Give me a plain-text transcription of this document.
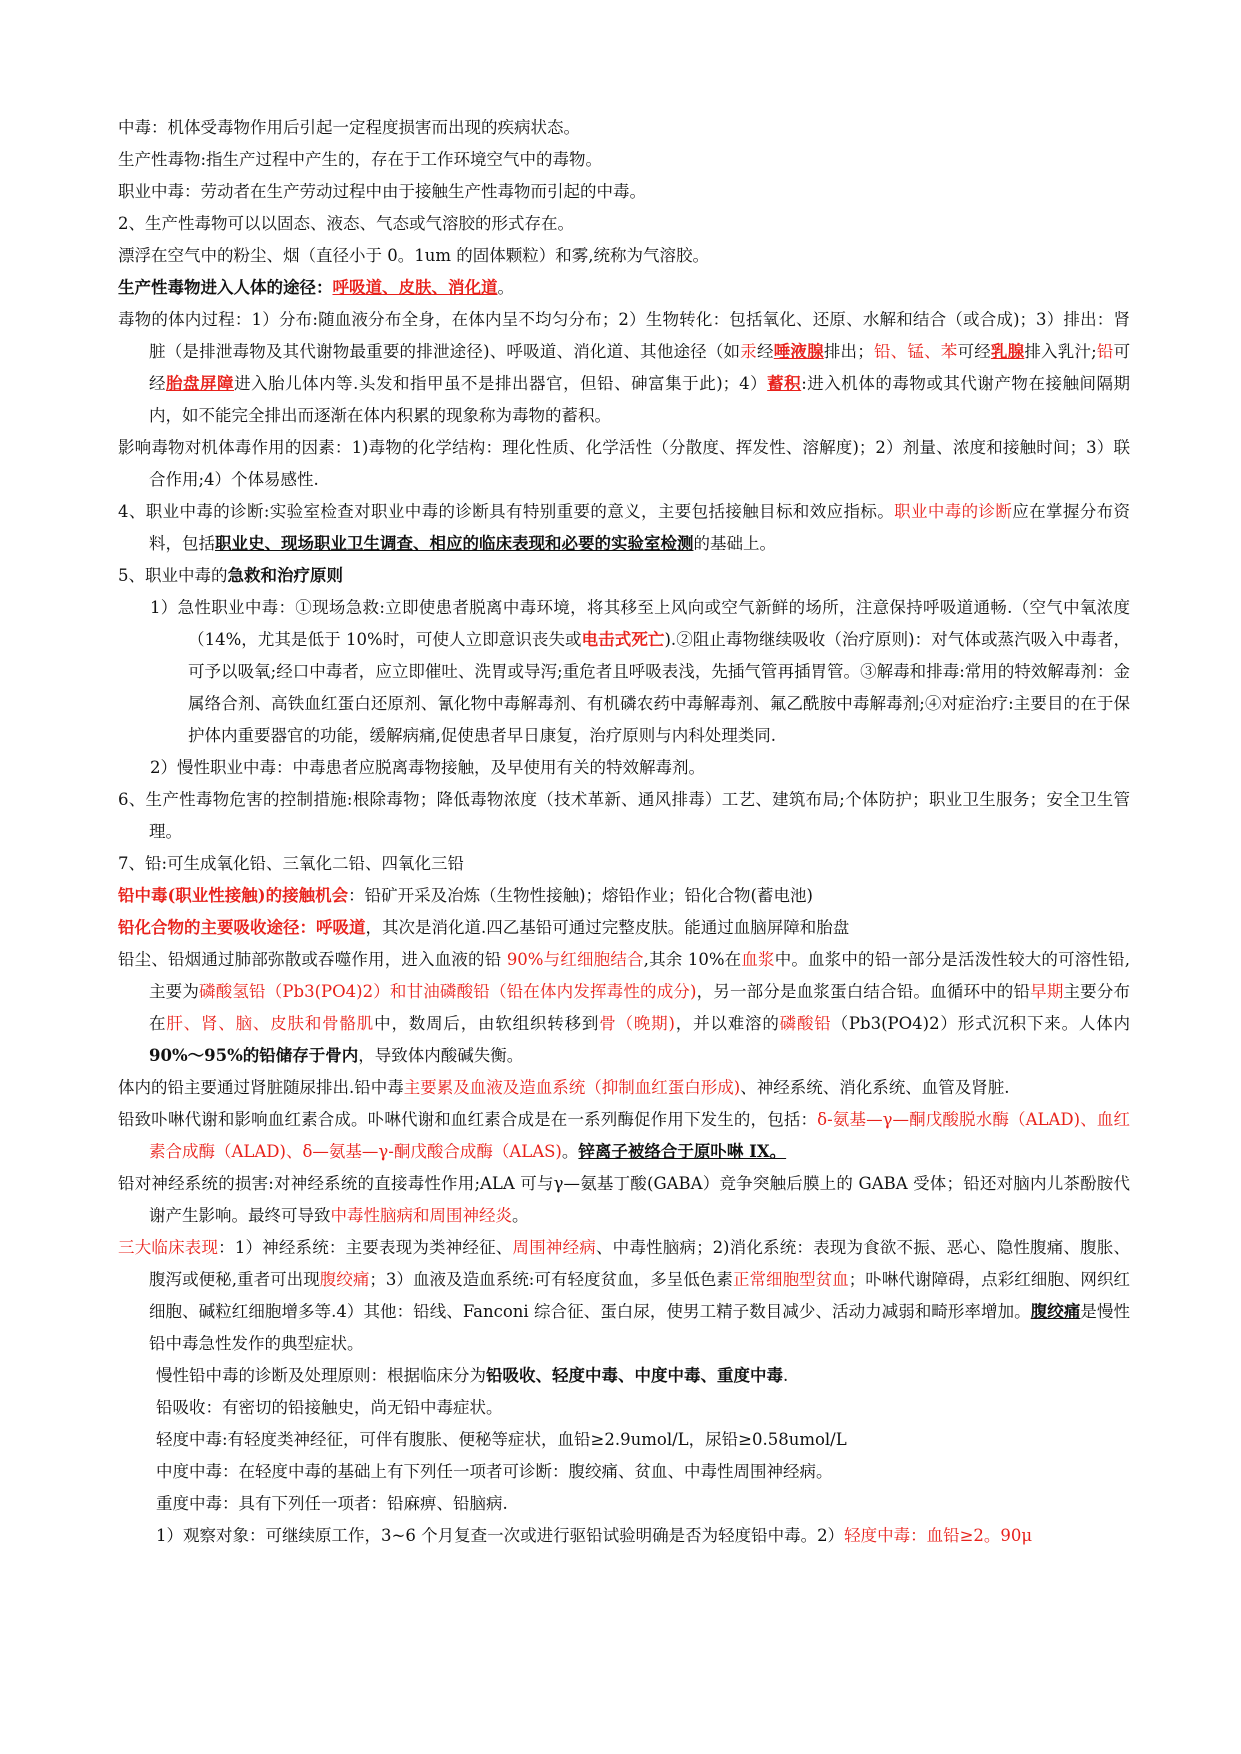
中毒：机体受毒物作用后引起一定程度损害而出现的疾病状态。

生产性毒物:指生产过程中产生的，存在于工作环境空气中的毒物。

职业中毒：劳动者在生产劳动过程中由于接触生产性毒物而引起的中毒。

2、生产性毒物可以以固态、液态、气态或气溶胶的形式存在。

漂浮在空气中的粉尘、烟（直径小于 0。1um 的固体颗粒）和雾,统称为气溶胶。

生产性毒物进入人体的途径：呼吸道、皮肤、消化道。

毒物的体内过程：1）分布:随血液分布全身，在体内呈不均匀分布；2）生物转化：包括氧化、还原、水解和结合（或合成)；3）排出：肾脏（是排泄毒物及其代谢物最重要的排泄途径)、呼吸道、消化道、其他途径（如汞经唾液腺排出；铅、锰、苯可经乳腺排入乳汁;铅可经胎盘屏障进入胎儿体内等.头发和指甲虽不是排出器官，但铅、砷富集于此)；4）蓄积:进入机体的毒物或其代谢产物在接触间隔期内，如不能完全排出而逐渐在体内积累的现象称为毒物的蓄积。

影响毒物对机体毒作用的因素：1)毒物的化学结构：理化性质、化学活性（分散度、挥发性、溶解度)；2）剂量、浓度和接触时间；3）联合作用;4）个体易感性.

4、职业中毒的诊断:实验室检查对职业中毒的诊断具有特别重要的意义，主要包括接触目标和效应指标。职业中毒的诊断应在掌握分布资料，包括职业史、现场职业卫生调查、相应的临床表现和必要的实验室检测的基础上。

5、职业中毒的急救和治疗原则

1）急性职业中毒：①现场急救:立即使患者脱离中毒环境，将其移至上风向或空气新鲜的场所，注意保持呼吸道通畅.（空气中氧浓度（14%，尤其是低于 10%时，可使人立即意识丧失或电击式死亡).②阻止毒物继续吸收（治疗原则)：对气体或蒸汽吸入中毒者，可予以吸氧;经口中毒者，应立即催吐、洗胃或导泻;重危者且呼吸表浅，先插气管再插胃管。③解毒和排毒:常用的特效解毒剂：金属络合剂、高铁血红蛋白还原剂、氰化物中毒解毒剂、有机磷农药中毒解毒剂、氟乙酰胺中毒解毒剂;④对症治疗:主要目的在于保护体内重要器官的功能，缓解病痛,促使患者早日康复，治疗原则与内科处理类同.

2）慢性职业中毒：中毒患者应脱离毒物接触，及早使用有关的特效解毒剂。

6、生产性毒物危害的控制措施:根除毒物；降低毒物浓度（技术革新、通风排毒）工艺、建筑布局;个体防护；职业卫生服务；安全卫生管理。

7、铅:可生成氧化铅、三氧化二铅、四氧化三铅

铅中毒(职业性接触)的接触机会：铅矿开采及冶炼（生物性接触)；熔铅作业；铅化合物(蓄电池)

铅化合物的主要吸收途径：呼吸道，其次是消化道.四乙基铅可通过完整皮肤。能通过血脑屏障和胎盘

铅尘、铅烟通过肺部弥散或吞噬作用，进入血液的铅 90%与红细胞结合,其余 10%在血浆中。血浆中的铅一部分是活泼性较大的可溶性铅,主要为磷酸氢铅（Pb3(PO4)2）和甘油磷酸铅（铅在体内发挥毒性的成分)，另一部分是血浆蛋白结合铅。血循环中的铅早期主要分布在肝、肾、脑、皮肤和骨骼肌中，数周后，由软组织转移到骨（晚期)，并以难溶的磷酸铅（Pb3(PO4)2）形式沉积下来。人体内 90%～95%的铅储存于骨内，导致体内酸碱失衡。

体内的铅主要通过肾脏随尿排出.铅中毒主要累及血液及造血系统（抑制血红蛋白形成)、神经系统、消化系统、血管及肾脏.

铅致卟啉代谢和影响血红素合成。卟啉代谢和血红素合成是在一系列酶促作用下发生的，包括：δ-氨基—γ—酮戊酸脱水酶（ALAD)、血红素合成酶（ALAD)、δ—氨基—γ-酮戊酸合成酶（ALAS)。锌离子被络合于原卟啉 IX。

铅对神经系统的损害:对神经系统的直接毒性作用;ALA 可与γ—氨基丁酸(GABA）竞争突触后膜上的 GABA 受体；铅还对脑内儿茶酚胺代谢产生影响。最终可导致中毒性脑病和周围神经炎。

三大临床表现：1）神经系统：主要表现为类神经征、周围神经病、中毒性脑病；2)消化系统：表现为食欲不振、恶心、隐性腹痛、腹胀、腹泻或便秘,重者可出现腹绞痛；3）血液及造血系统:可有轻度贫血，多呈低色素正常细胞型贫血；卟啉代谢障碍，点彩红细胞、网织红细胞、碱粒红细胞增多等.4）其他：铅线、Fanconi 综合征、蛋白尿，使男工精子数目减少、活动力减弱和畸形率增加。腹绞痛是慢性铅中毒急性发作的典型症状。

慢性铅中毒的诊断及处理原则：根据临床分为铅吸收、轻度中毒、中度中毒、重度中毒.

铅吸收：有密切的铅接触史，尚无铅中毒症状。

轻度中毒:有轻度类神经征，可伴有腹胀、便秘等症状，血铅≥2.9umol/L，尿铅≥0.58umol/L

中度中毒：在轻度中毒的基础上有下列任一项者可诊断：腹绞痛、贫血、中毒性周围神经病。

重度中毒：具有下列任一项者：铅麻痹、铅脑病.

1）观察对象：可继续原工作，3~6 个月复查一次或进行驱铅试验明确是否为轻度铅中毒。2）轻度中毒：血铅≥2。90μ
